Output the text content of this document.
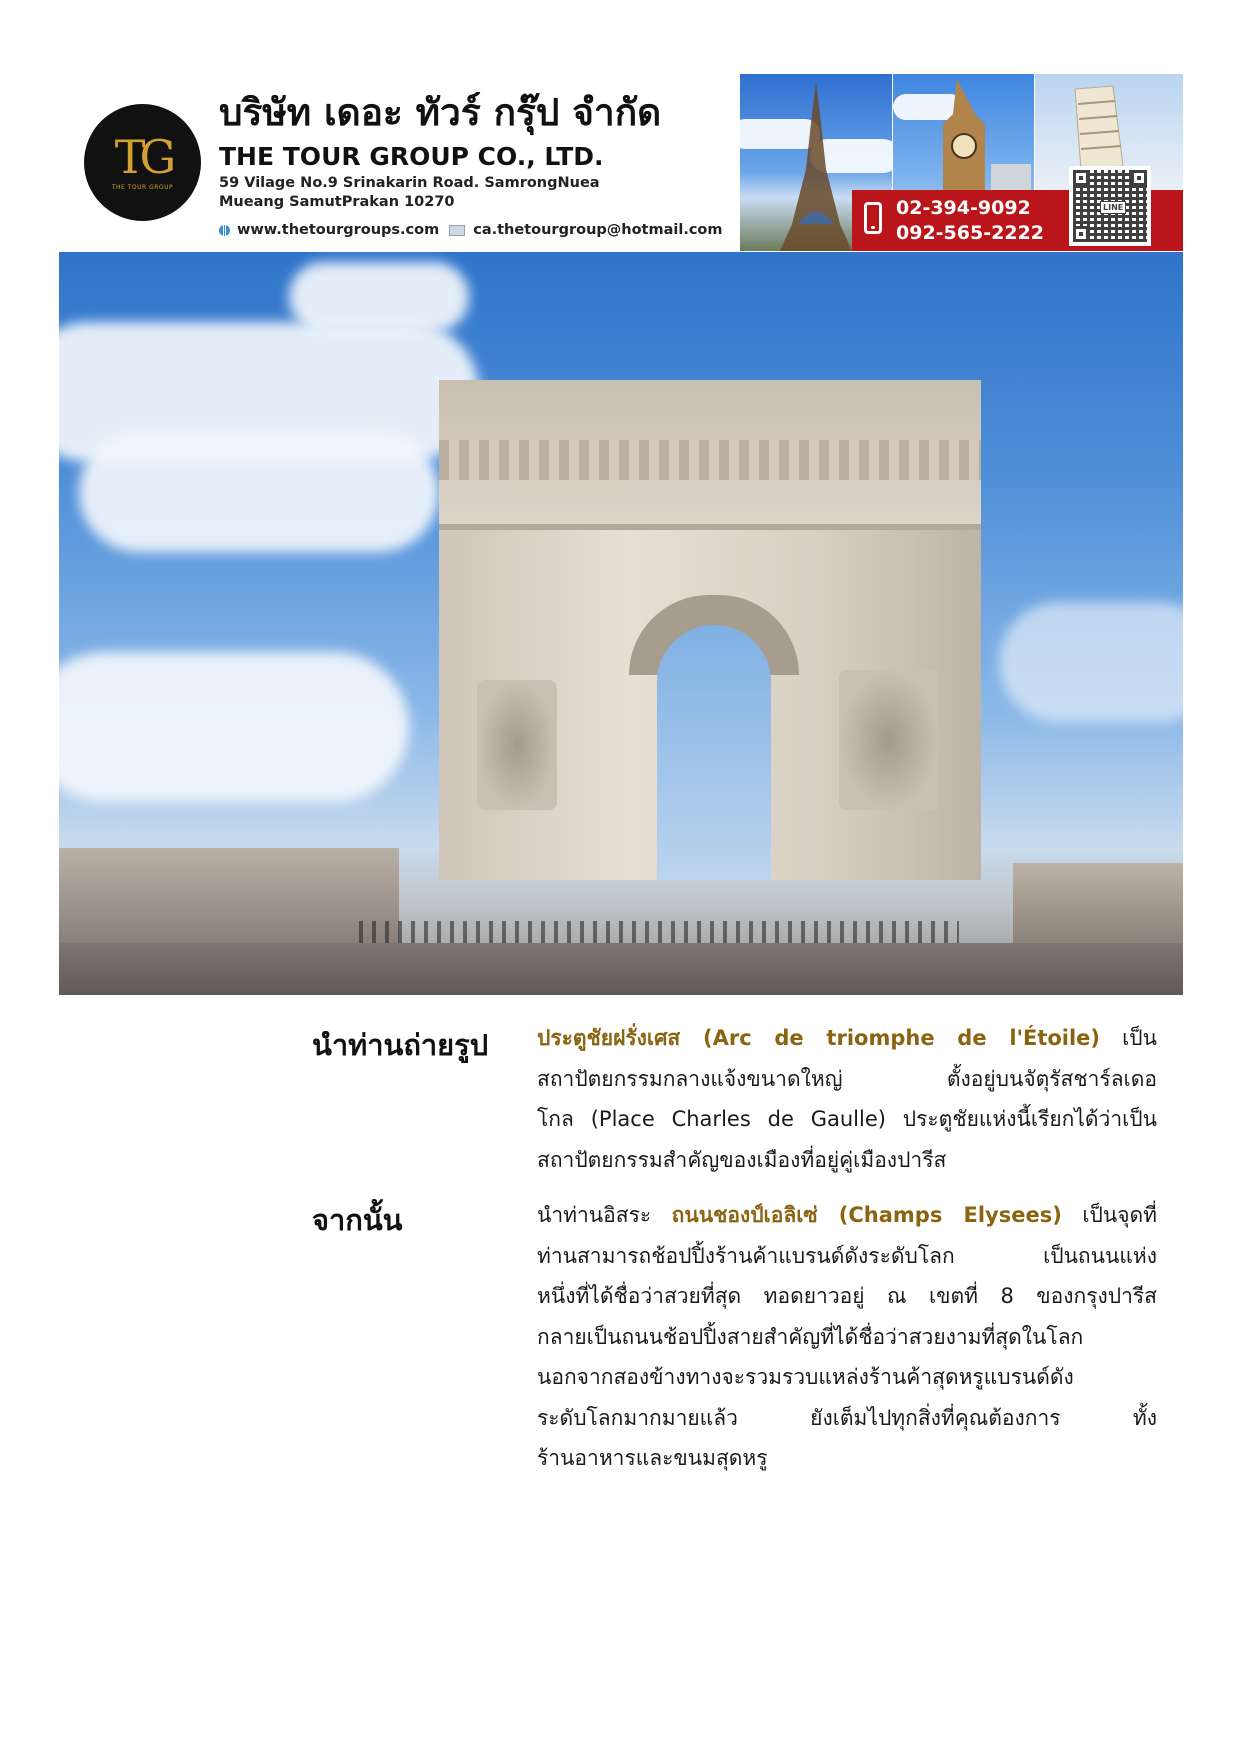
TG
THE TOUR GROUP
บริษัท เดอะ ทัวร์ กรุ๊ป จำกัด
THE TOUR GROUP CO., LTD.
59 Vilage No.9 Srinakarin Road. SamrongNuea
Mueang SamutPrakan 10270
www.thetourgroups.com ca.thetourgroup@hotmail.com
02-394-9092
092-565-2222
LINE
นำท่านถ่ายรูป ประตูชัยฝรั่งเศส (Arc de triomphe de l'Étoile) เป็น
สถาปัตยกรรมกลางแจ้งขนาดใหญ่ ตั้งอยู่บนจัตุรัสชาร์ลเดอ
โกล (Place Charles de Gaulle) ประตูชัยแห่งนี้เรียกได้ว่าเป็น
สถาปัตยกรรมสำคัญของเมืองที่อยู่คู่เมืองปารีส
จากนั้น	นำท่านอิสระ ถนนชองป์เอลิเซ่ (Champs Elysees) เป็นจุดที่
ท่านสามารถช้อปปิ้งร้านค้าแบรนด์ดังระดับโลก เป็นถนนแห่ง
หนึ่งที่ได้ชื่อว่าสวยที่สุด ทอดยาวอยู่ ณ เขตที่ 8 ของกรุงปารีส
กลายเป็นถนนช้อปปิ้งสายสำคัญที่ได้ชื่อว่าสวยงามที่สุดในโลก
นอกจากสองข้างทางจะรวมรวบแหล่งร้านค้าสุดหรูแบรนด์ดัง
ระดับโลกมากมายแล้ว ยังเต็มไปทุกสิ่งที่คุณต้องการ ทั้ง
ร้านอาหารและขนมสุดหรู
